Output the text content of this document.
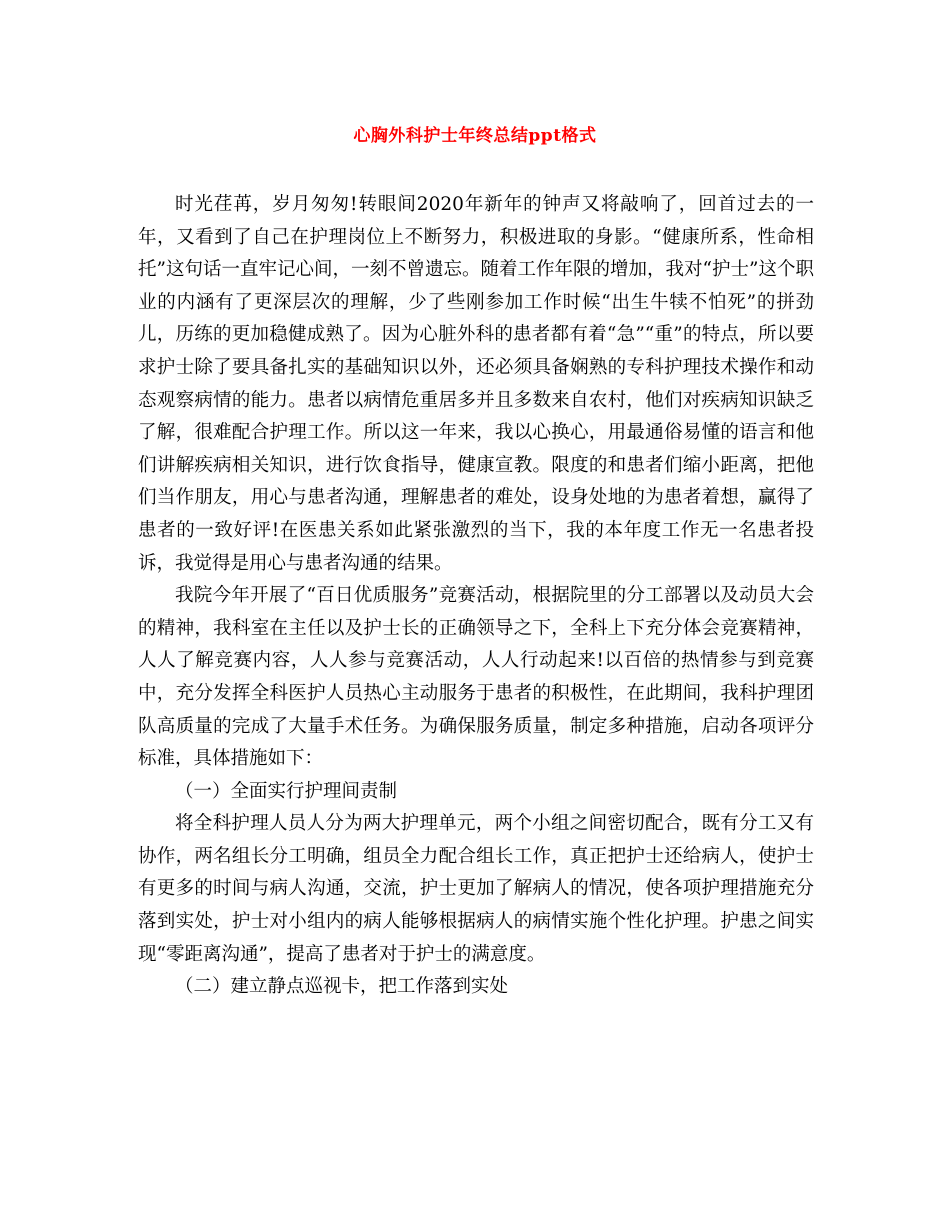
心胸外科护士年终总结ppt格式

时光荏苒，岁月匆匆!转眼间2020年新年的钟声又将敲响了，回首过去的一年，又看到了自己在护理岗位上不断努力，积极进取的身影。“健康所系，性命相托”这句话一直牢记心间，一刻不曾遗忘。随着工作年限的增加，我对“护士”这个职业的内涵有了更深层次的理解，少了些刚参加工作时候“出生牛犊不怕死”的拼劲儿，历练的更加稳健成熟了。因为心脏外科的患者都有着“急”“重”的特点，所以要求护士除了要具备扎实的基础知识以外，还必须具备娴熟的专科护理技术操作和动态观察病情的能力。患者以病情危重居多并且多数来自农村，他们对疾病知识缺乏了解，很难配合护理工作。所以这一年来，我以心换心，用最通俗易懂的语言和他们讲解疾病相关知识，进行饮食指导，健康宣教。限度的和患者们缩小距离，把他们当作朋友，用心与患者沟通，理解患者的难处，设身处地的为患者着想，赢得了患者的一致好评!在医患关系如此紧张激烈的当下，我的本年度工作无一名患者投诉，我觉得是用心与患者沟通的结果。

我院今年开展了“百日优质服务”竞赛活动，根据院里的分工部署以及动员大会的精神，我科室在主任以及护士长的正确领导之下，全科上下充分体会竞赛精神，人人了解竞赛内容，人人参与竞赛活动，人人行动起来!以百倍的热情参与到竞赛中，充分发挥全科医护人员热心主动服务于患者的积极性，在此期间，我科护理团队高质量的完成了大量手术任务。为确保服务质量，制定多种措施，启动各项评分标准，具体措施如下：

（一）全面实行护理间责制

将全科护理人员人分为两大护理单元，两个小组之间密切配合，既有分工又有协作，两名组长分工明确，组员全力配合组长工作，真正把护士还给病人，使护士有更多的时间与病人沟通，交流，护士更加了解病人的情况，使各项护理措施充分落到实处，护士对小组内的病人能够根据病人的病情实施个性化护理。护患之间实现“零距离沟通”，提高了患者对于护士的满意度。

（二）建立静点巡视卡，把工作落到实处
